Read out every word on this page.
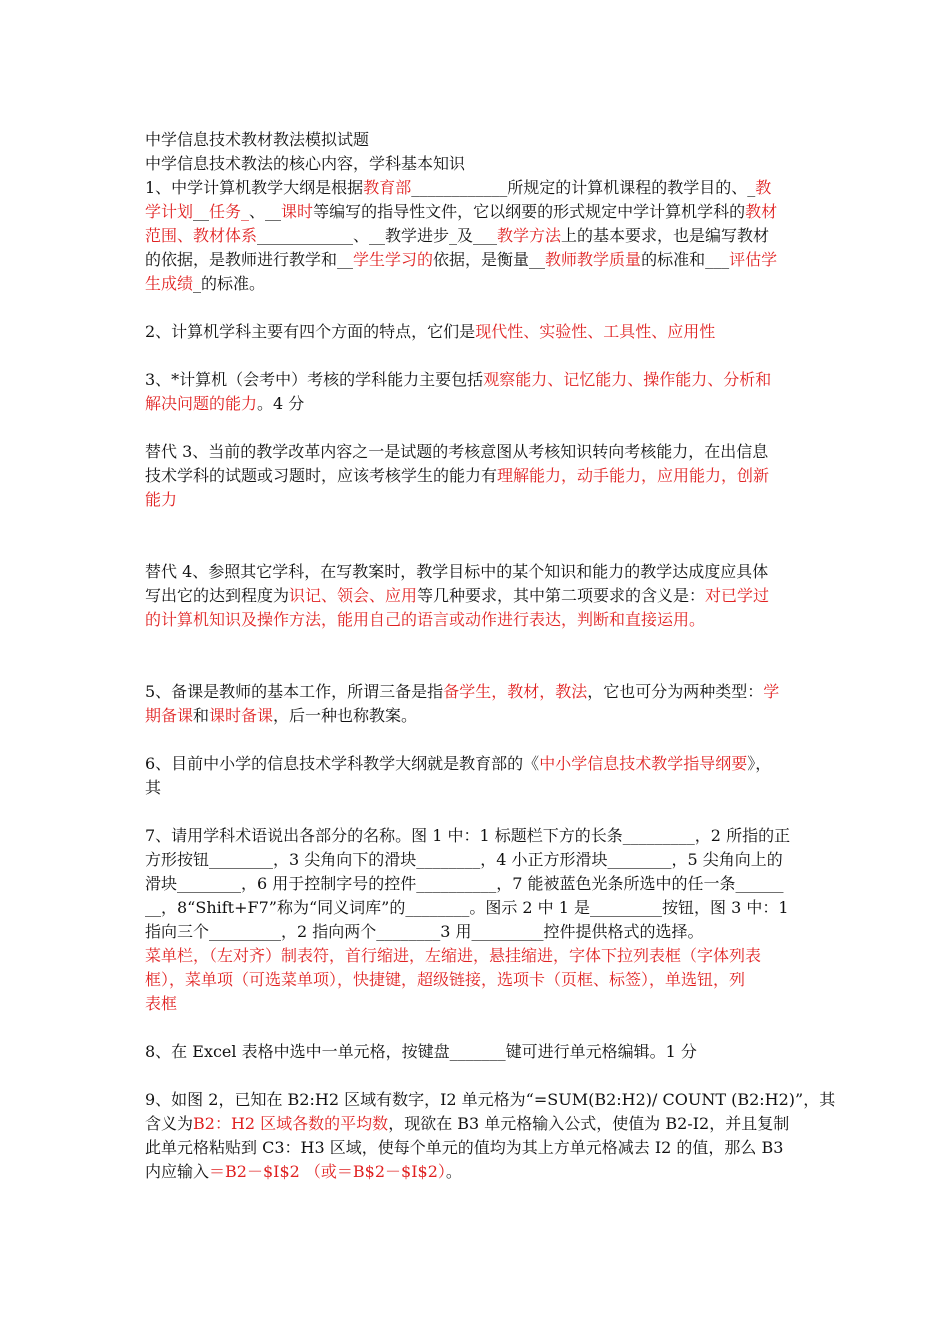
中学信息技术教材教法模拟试题
中学信息技术教法的核心内容，学科基本知识
1、中学计算机教学大纲是根据教育部____________所规定的计算机课程的教学目的、_教
学计划__任务_、__课时等编写的指导性文件，它以纲要的形式规定中学计算机学科的教材
范围、教材体系____________、__教学进步_及___教学方法上的基本要求，也是编写教材
的依据，是教师进行教学和__学生学习的依据，是衡量__教师教学质量的标准和___评估学
生成绩_的标准。
2、计算机学科主要有四个方面的特点，它们是现代性、实验性、工具性、应用性
3、*计算机（会考中）考核的学科能力主要包括观察能力、记忆能力、操作能力、分析和
解决问题的能力。4 分
替代 3、当前的教学改革内容之一是试题的考核意图从考核知识转向考核能力，在出信息
技术学科的试题或习题时，应该考核学生的能力有理解能力，动手能力，应用能力，创新
能力
替代 4、参照其它学科，在写教案时，教学目标中的某个知识和能力的教学达成度应具体
写出它的达到程度为识记、领会、应用等几种要求，其中第二项要求的含义是：对已学过
的计算机知识及操作方法，能用自己的语言或动作进行表达，判断和直接运用。
5、备课是教师的基本工作，所谓三备是指备学生，教材，教法，它也可分为两种类型：学
期备课和课时备课，后一种也称教案。
6、目前中小学的信息技术学科教学大纲就是教育部的《中小学信息技术教学指导纲要》，
其
7、请用学科术语说出各部分的名称。图 1 中：1 标题栏下方的长条_________，2 所指的正
方形按钮________，3 尖角向下的滑块________，4 小正方形滑块________，5 尖角向上的
滑块________，6 用于控制字号的控件__________，7 能被蓝色光条所选中的任一条______
__，8“Shift+F7”称为“同义词库”的________。图示 2 中 1 是_________按钮，图 3 中：1
指向三个_________，2 指向两个________3 用_________控件提供格式的选择。
菜单栏，（左对齐）制表符，首行缩进，左缩进，悬挂缩进，字体下拉列表框（字体列表
框），菜单项（可选菜单项），快捷键，超级链接，选项卡（页框、标签），单选钮，列
表框
8、在 Excel 表格中选中一单元格，按键盘_______键可进行单元格编辑。1 分
9、如图 2，已知在 B2:H2 区域有数字，I2 单元格为“=SUM(B2:H2)/ COUNT (B2:H2)”，其
含义为B2：H2 区域各数的平均数，现欲在 B3 单元格输入公式，使值为 B2-I2，并且复制
此单元格粘贴到 C3：H3 区域，使每个单元的值均为其上方单元格减去 I2 的值，那么 B3
内应输入＝B2－$I$2 （或＝B$2－$I$2）。
